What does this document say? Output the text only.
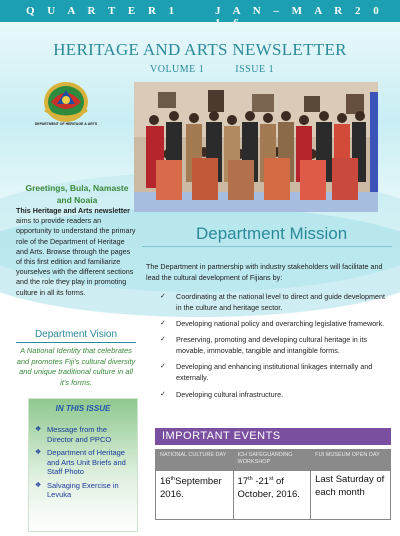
Q U A R T E R 1	J A N – M A R 2 0
HERITAGE AND ARTS NEWSLETTER
VOLUME 1	ISSUE 1
DEPARTMENT OF HERITAGE & ARTS
Greetings, Bula, Namaste and Noaia
This Heritage and Arts newsletter aims to provide readers an opportunity to understand the primary role of the Department of Heritage and Arts. Browse through the pages of this first edition and familiarize yourselves with the different sections and the role they play in promoting culture in all its forms.
Department Vision
A National Identity that celebrates and promotes Fiji's cultural diversity and unique traditional culture in all it's forms.
IN THIS ISSUE
❖ Message from the Director and PPCO
❖ Department of Heritage and Arts Unit Briefs and Staff Photo
❖ Salvaging Exercise in Levuka
Department Mission
The Department in partnership with industry stakeholders will facilitate and lead the cultural development of Fijians by:
✓ Coordinating at the national level to direct and guide development in the culture and heritage sector.
✓ Developing national policy and overarching legislative framework.
✓ Preserving, promoting and developing cultural heritage in its movable, immovable, tangible and intangible forms.
✓ Developing and enhancing institutional linkages internally and externally.
✓ Developing cultural infrastructure.
IMPORTANT EVENTS
NATIONAL CULTURE DAY	ICH SAFEGUARDING WORKSHOP	FIJI MUSEUM OPEN DAY
16thSeptember 2016.	17th -21st of October, 2016.	Last Saturday of each month
